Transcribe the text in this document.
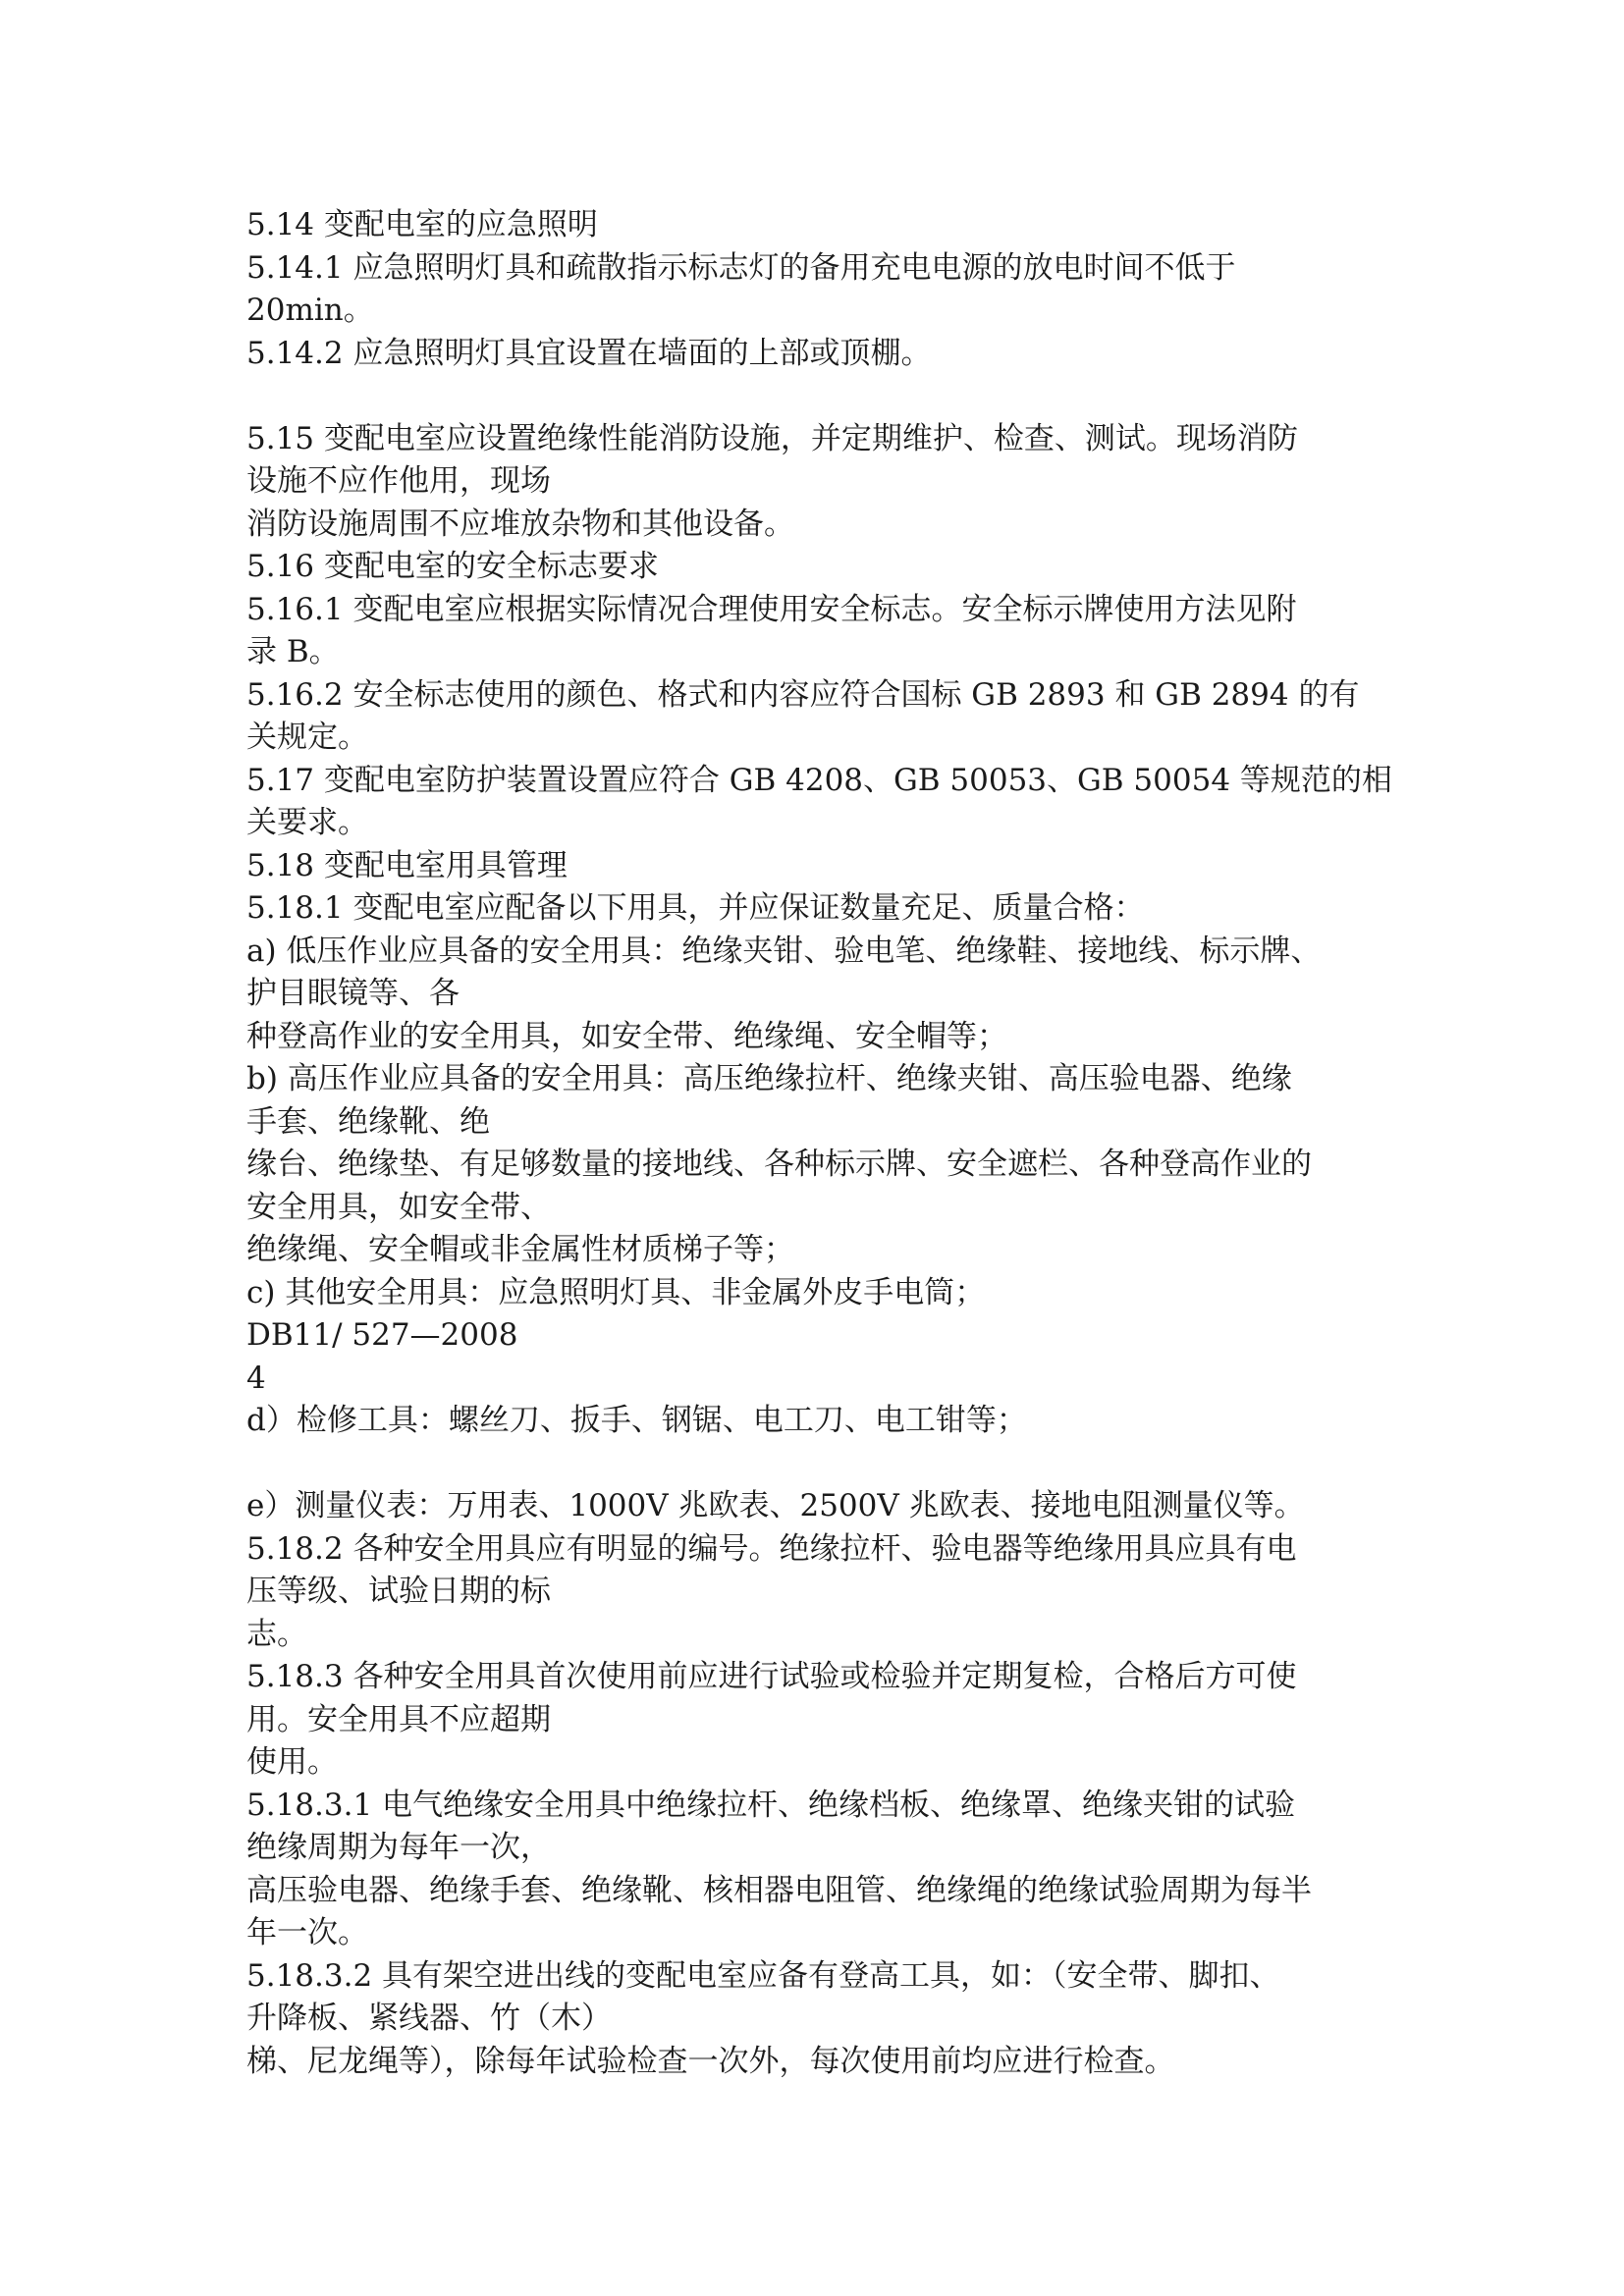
5.14 变配电室的应急照明
5.14.1 应急照明灯具和疏散指示标志灯的备用充电电源的放电时间不低于
20min。
5.14.2 应急照明灯具宜设置在墙面的上部或顶棚。
5.15 变配电室应设置绝缘性能消防设施，并定期维护、检查、测试。现场消防
设施不应作他用，现场
消防设施周围不应堆放杂物和其他设备。
5.16 变配电室的安全标志要求
5.16.1 变配电室应根据实际情况合理使用安全标志。安全标示牌使用方法见附
录 B。
5.16.2 安全标志使用的颜色、格式和内容应符合国标 GB 2893 和 GB 2894 的有
关规定。
5.17 变配电室防护装置设置应符合 GB 4208、GB 50053、GB 50054 等规范的相
关要求。
5.18 变配电室用具管理
5.18.1 变配电室应配备以下用具，并应保证数量充足、质量合格：
a) 低压作业应具备的安全用具：绝缘夹钳、验电笔、绝缘鞋、接地线、标示牌、
护目眼镜等、各
种登高作业的安全用具，如安全带、绝缘绳、安全帽等；
b) 高压作业应具备的安全用具：高压绝缘拉杆、绝缘夹钳、高压验电器、绝缘
手套、绝缘靴、绝
缘台、绝缘垫、有足够数量的接地线、各种标示牌、安全遮栏、各种登高作业的
安全用具，如安全带、
绝缘绳、安全帽或非金属性材质梯子等；
c) 其他安全用具：应急照明灯具、非金属外皮手电筒；
DB11/ 527—2008
4
d）检修工具：螺丝刀、扳手、钢锯、电工刀、电工钳等；
e）测量仪表：万用表、1000V 兆欧表、2500V 兆欧表、接地电阻测量仪等。
5.18.2 各种安全用具应有明显的编号。绝缘拉杆、验电器等绝缘用具应具有电
压等级、试验日期的标
志。
5.18.3 各种安全用具首次使用前应进行试验或检验并定期复检，合格后方可使
用。安全用具不应超期
使用。
5.18.3.1 电气绝缘安全用具中绝缘拉杆、绝缘档板、绝缘罩、绝缘夹钳的试验
绝缘周期为每年一次，
高压验电器、绝缘手套、绝缘靴、核相器电阻管、绝缘绳的绝缘试验周期为每半
年一次。
5.18.3.2 具有架空进出线的变配电室应备有登高工具，如：（安全带、脚扣、
升降板、紧线器、竹（木）
梯、尼龙绳等），除每年试验检查一次外，每次使用前均应进行检查。
